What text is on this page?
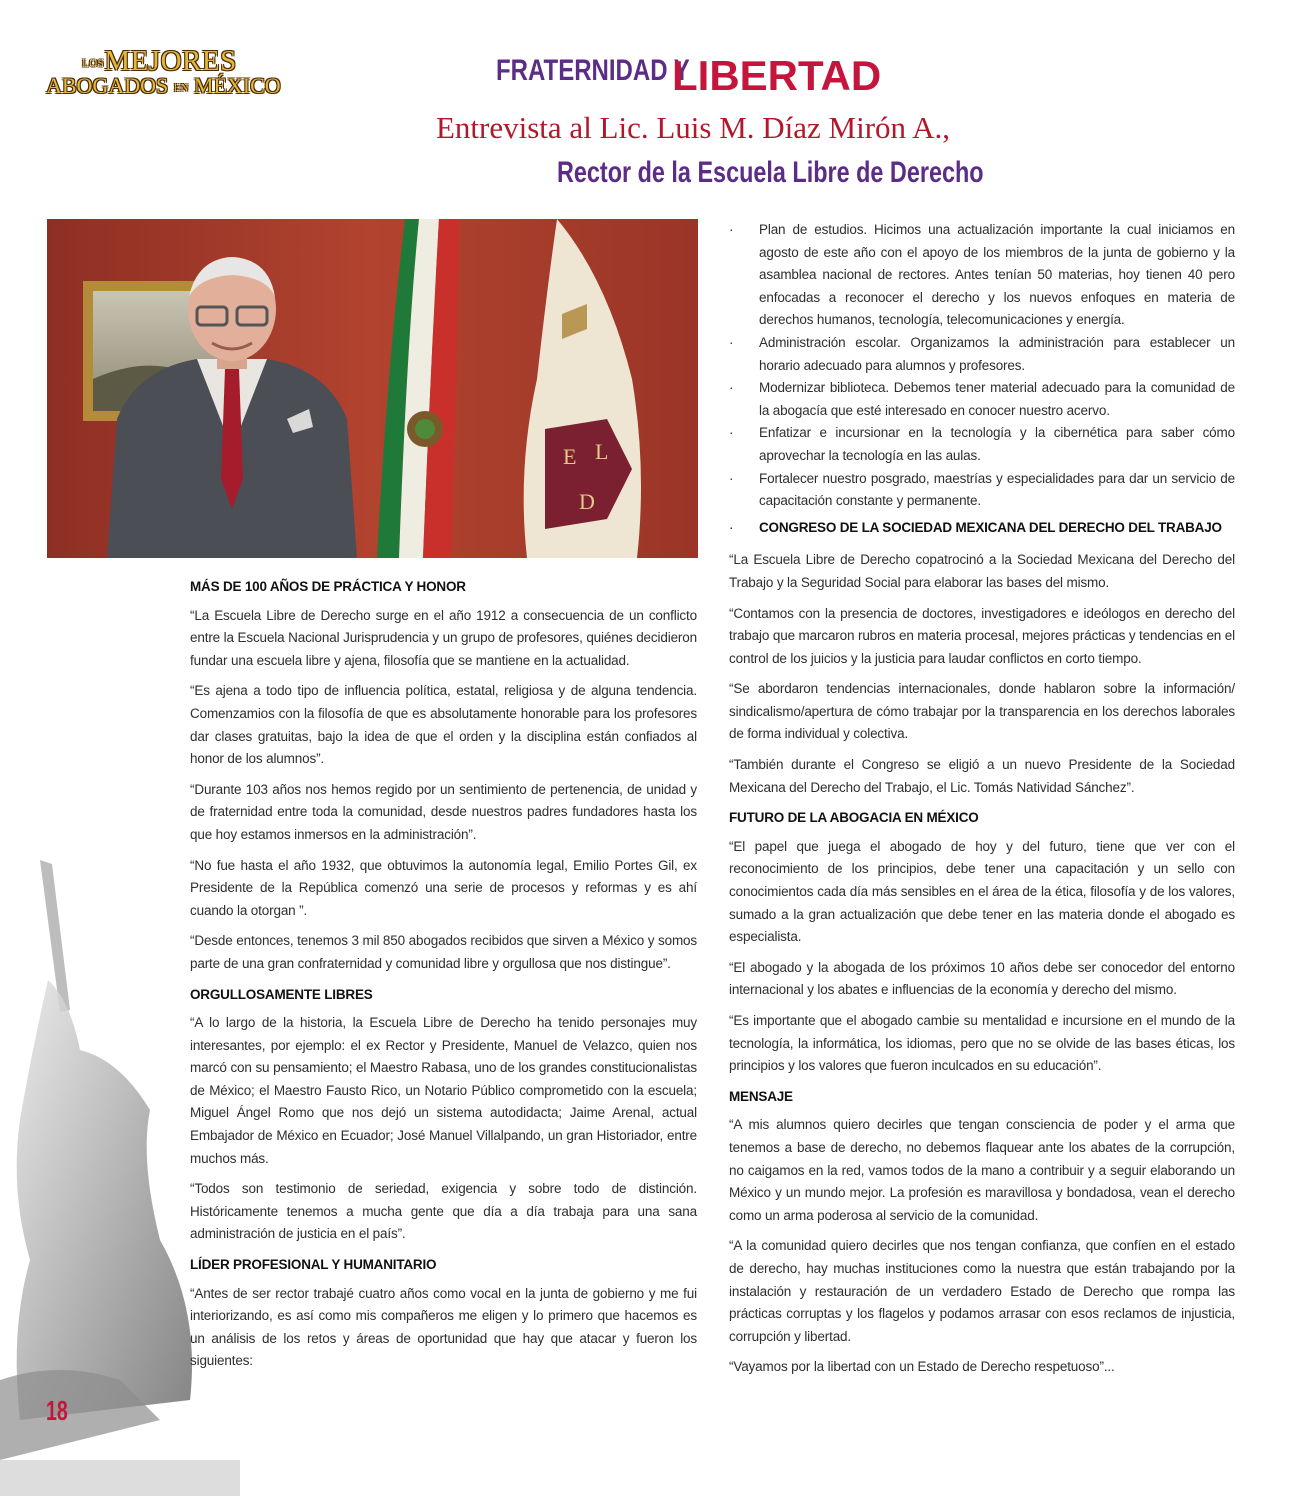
LOSMEJORES
ABOGADOS EN MÉXICO	FRATERNIDAD Y
LIBERTAD
Entrevista al Lic. Luis M. Díaz Mirón A.,
Rector de la Escuela Libre de Derecho
E L
D
MÁS DE 100 AÑOS DE PRÁCTICA Y HONOR

“La Escuela Libre de Derecho surge en el año 1912 a consecuencia de un conflicto entre la Escuela Nacional Jurisprudencia y un grupo de profesores, quiénes decidieron fundar una escuela libre y ajena, filosofía que se mantiene en la actualidad.

“Es ajena a todo tipo de influencia política, estatal, religiosa y de alguna tendencia. Comenzamios con la filosofía de que es absolutamente honorable para los profesores dar clases gratuitas, bajo la idea de que el orden y la disciplina están confiados al honor de los alumnos”.

“Durante 103 años nos hemos regido por un sentimiento de pertenencia, de unidad y de fraternidad entre toda la comunidad, desde nuestros padres fundadores hasta los que hoy estamos inmersos en la administración”.

“No fue hasta el año 1932, que obtuvimos la autonomía legal, Emilio Portes Gil, ex Presidente de la República comenzó una serie de procesos y reformas y es ahí cuando la otorgan ”.

“Desde entonces, tenemos 3 mil 850 abogados recibidos que sirven a México y somos parte de una gran confraternidad y comunidad libre y orgullosa que nos distingue”.

ORGULLOSAMENTE LIBRES

“A lo largo de la historia, la Escuela Libre de Derecho ha tenido personajes muy interesantes, por ejemplo: el ex Rector y Presidente, Manuel de Velazco, quien nos marcó con su pensamiento; el Maestro Rabasa, uno de los grandes constitucionalistas de México; el Maestro Fausto Rico, un Notario Público comprometido con la escuela; Miguel Ángel Romo que nos dejó un sistema autodidacta; Jaime Arenal, actual Embajador de México en Ecuador; José Manuel Villalpando, un gran Historiador, entre muchos más.

“Todos son testimonio de seriedad, exigencia y sobre todo de distinción. Históricamente tenemos a mucha gente que día a día trabaja para una sana administración de justicia en el país”.

LÍDER PROFESIONAL Y HUMANITARIO

“Antes de ser rector trabajé cuatro años como vocal en la junta de gobierno y me fui interiorizando, es así como mis compañeros me eligen y lo primero que hacemos es un análisis de los retos y áreas de oportunidad que hay que atacar y fueron los siguientes:

· Plan de estudios. Hicimos una actualización importante la cual iniciamos en agosto de este año con el apoyo de los miembros de la junta de gobierno y la asamblea nacional de rectores. Antes tenían 50 materias, hoy tienen 40 pero enfocadas a reconocer el derecho y los nuevos enfoques en materia de derechos humanos, tecnología, telecomunicaciones y energía.
· Administración escolar. Organizamos la administración para establecer un horario adecuado para alumnos y profesores.
· Modernizar biblioteca. Debemos tener material adecuado para la comunidad de la abogacía que esté interesado en conocer nuestro acervo.
· Enfatizar e incursionar en la tecnología y la cibernética para saber cómo aprovechar la tecnología en las aulas.
· Fortalecer nuestro posgrado, maestrías y especialidades para dar un servicio de capacitación constante y permanente.
· CONGRESO DE LA SOCIEDAD MEXICANA DEL DERECHO DEL TRABAJO

“La Escuela Libre de Derecho copatrocinó a la Sociedad Mexicana del Derecho del Trabajo y la Seguridad Social para elaborar las bases del mismo.

“Contamos con la presencia de doctores, investigadores e ideólogos en derecho del trabajo que marcaron rubros en materia procesal, mejores prácticas y tendencias en el control de los juicios y la justicia para laudar conflictos en corto tiempo.

“Se abordaron tendencias internacionales, donde hablaron sobre la información/ sindicalismo/apertura de cómo trabajar por la transparencia en los derechos laborales de forma individual y colectiva.

“También durante el Congreso se eligió a un nuevo Presidente de la Sociedad Mexicana del Derecho del Trabajo, el Lic. Tomás Natividad Sánchez”.

FUTURO DE LA ABOGACIA EN MÉXICO

“El papel que juega el abogado de hoy y del futuro, tiene que ver con el reconocimiento de los principios, debe tener una capacitación y un sello con conocimientos cada día más sensibles en el área de la ética, filosofía y de los valores, sumado a la gran actualización que debe tener en las materia donde el abogado es especialista.

“El abogado y la abogada de los próximos 10 años debe ser conocedor del entorno internacional y los abates e influencias de la economía y derecho del mismo.

“Es importante que el abogado cambie su mentalidad e incursione en el mundo de la tecnología, la informática, los idiomas, pero que no se olvide de las bases éticas, los principios y los valores que fueron inculcados en su educación”.

MENSAJE

“A mis alumnos quiero decirles que tengan consciencia de poder y el arma que tenemos a base de derecho, no debemos flaquear ante los abates de la corrupción, no caigamos en la red, vamos todos de la mano a contribuir y a seguir elaborando un México y un mundo mejor. La profesión es maravillosa y bondadosa, vean el derecho como un arma poderosa al servicio de la comunidad.

“A la comunidad quiero decirles que nos tengan confianza, que confíen en el estado de derecho, hay muchas instituciones como la nuestra que están trabajando por la instalación y restauración de un verdadero Estado de Derecho que rompa las prácticas corruptas y los flagelos y podamos arrasar con esos reclamos de injusticia, corrupción y libertad.

“Vayamos por la libertad con un Estado de Derecho respetuoso”...

18
